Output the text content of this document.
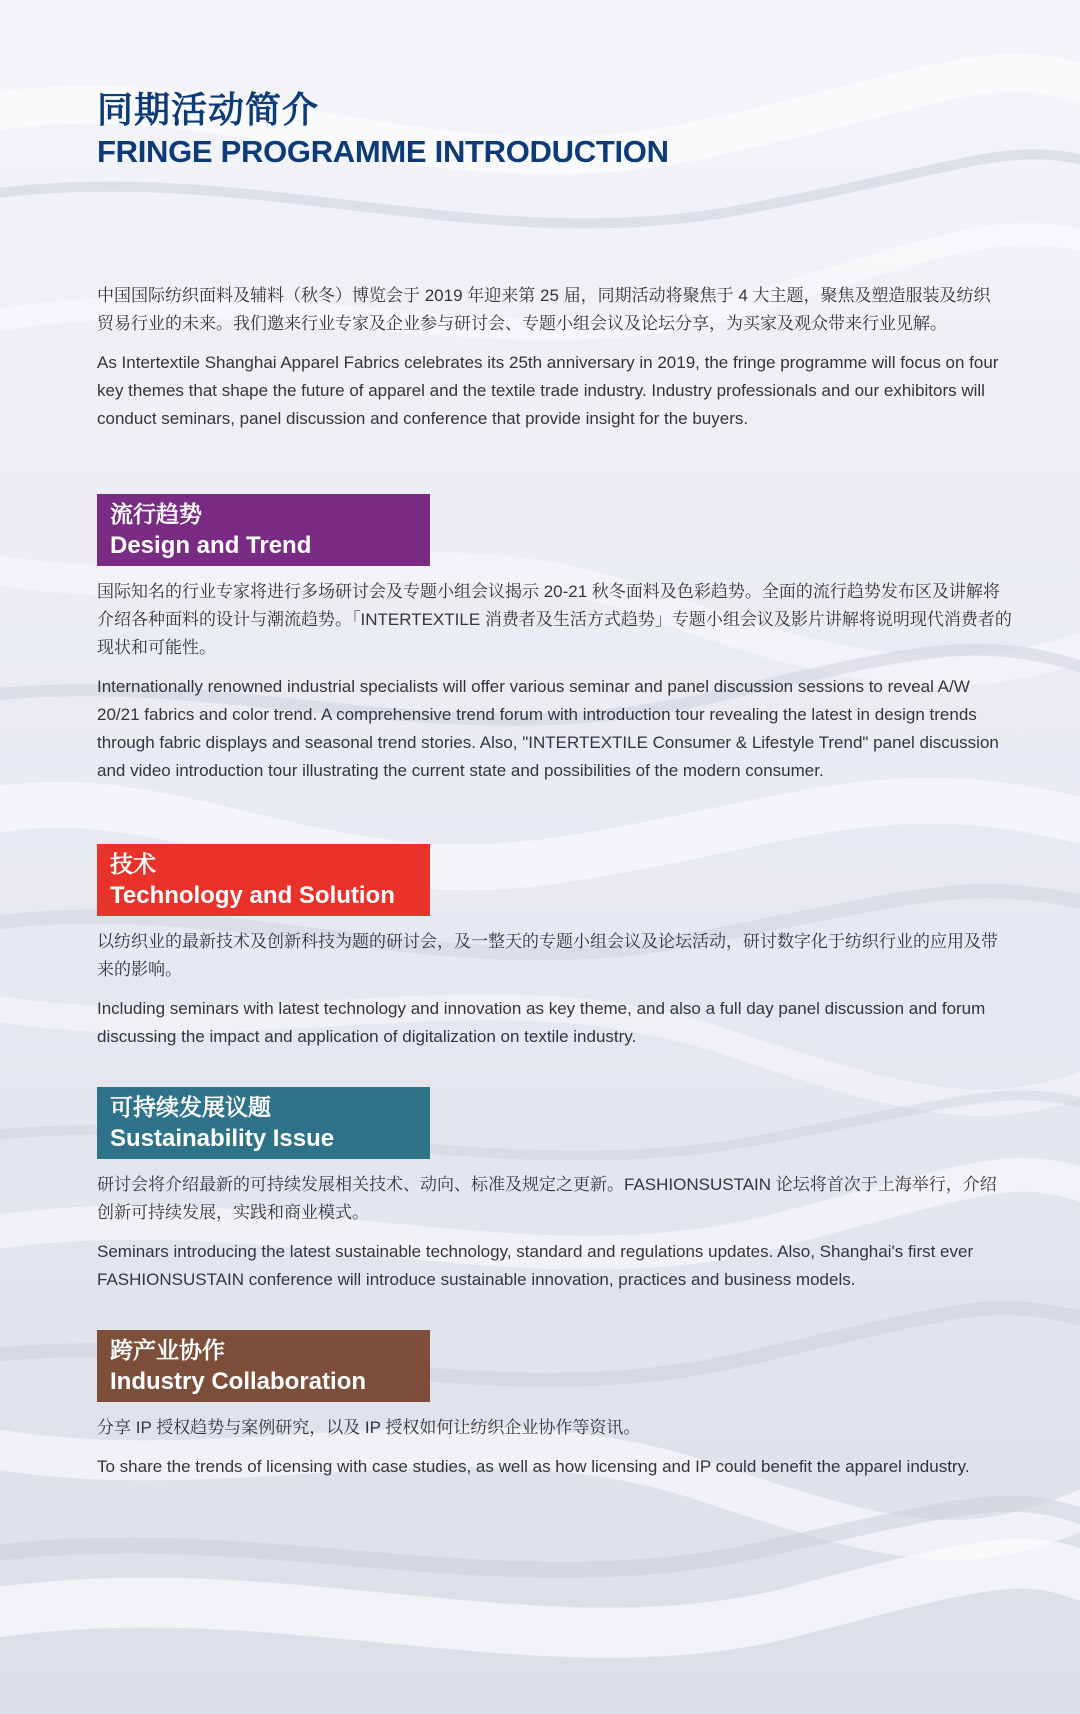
同期活动简介
FRINGE PROGRAMME INTRODUCTION

中国国际纺织面料及辅料（秋冬）博览会于 2019 年迎来第 25 届，同期活动将聚焦于 4 大主题，聚焦及塑造服装及纺织贸易行业的未来。我们邀来行业专家及企业参与研讨会、专题小组会议及论坛分享，为买家及观众带来行业见解。

As Intertextile Shanghai Apparel Fabrics celebrates its 25th anniversary in 2019, the fringe programme will focus on four key themes that shape the future of apparel and the textile trade industry. Industry professionals and our exhibitors will conduct seminars, panel discussion and conference that provide insight for the buyers.

流行趋势
Design and Trend

国际知名的行业专家将进行多场研讨会及专题小组会议揭示 20-21 秋冬面料及色彩趋势。全面的流行趋势发布区及讲解将介绍各种面料的设计与潮流趋势。「INTERTEXTILE 消费者及生活方式趋势」专题小组会议及影片讲解将说明现代消费者的现状和可能性。

Internationally renowned industrial specialists will offer various seminar and panel discussion sessions to reveal A/W 20/21 fabrics and color trend. A comprehensive trend forum with introduction tour revealing the latest in design trends through fabric displays and seasonal trend stories. Also, "INTERTEXTILE Consumer & Lifestyle Trend" panel discussion and video introduction tour illustrating the current state and possibilities of the modern consumer.

技术
Technology and Solution

以纺织业的最新技术及创新科技为题的研讨会，及一整天的专题小组会议及论坛活动，研讨数字化于纺织行业的应用及带来的影响。

Including seminars with latest technology and innovation as key theme, and also a full day panel discussion and forum discussing the impact and application of digitalization on textile industry.

可持续发展议题
Sustainability Issue

研讨会将介绍最新的可持续发展相关技术、动向、标准及规定之更新。FASHIONSUSTAIN 论坛将首次于上海举行，介绍创新可持续发展，实践和商业模式。

Seminars introducing the latest sustainable technology, standard and regulations updates. Also, Shanghai's first ever FASHIONSUSTAIN conference will introduce sustainable innovation, practices and business models.

跨产业协作
Industry Collaboration

分享 IP 授权趋势与案例研究，以及 IP 授权如何让纺织企业协作等资讯。

To share the trends of licensing with case studies, as well as how licensing and IP could benefit the apparel industry.
